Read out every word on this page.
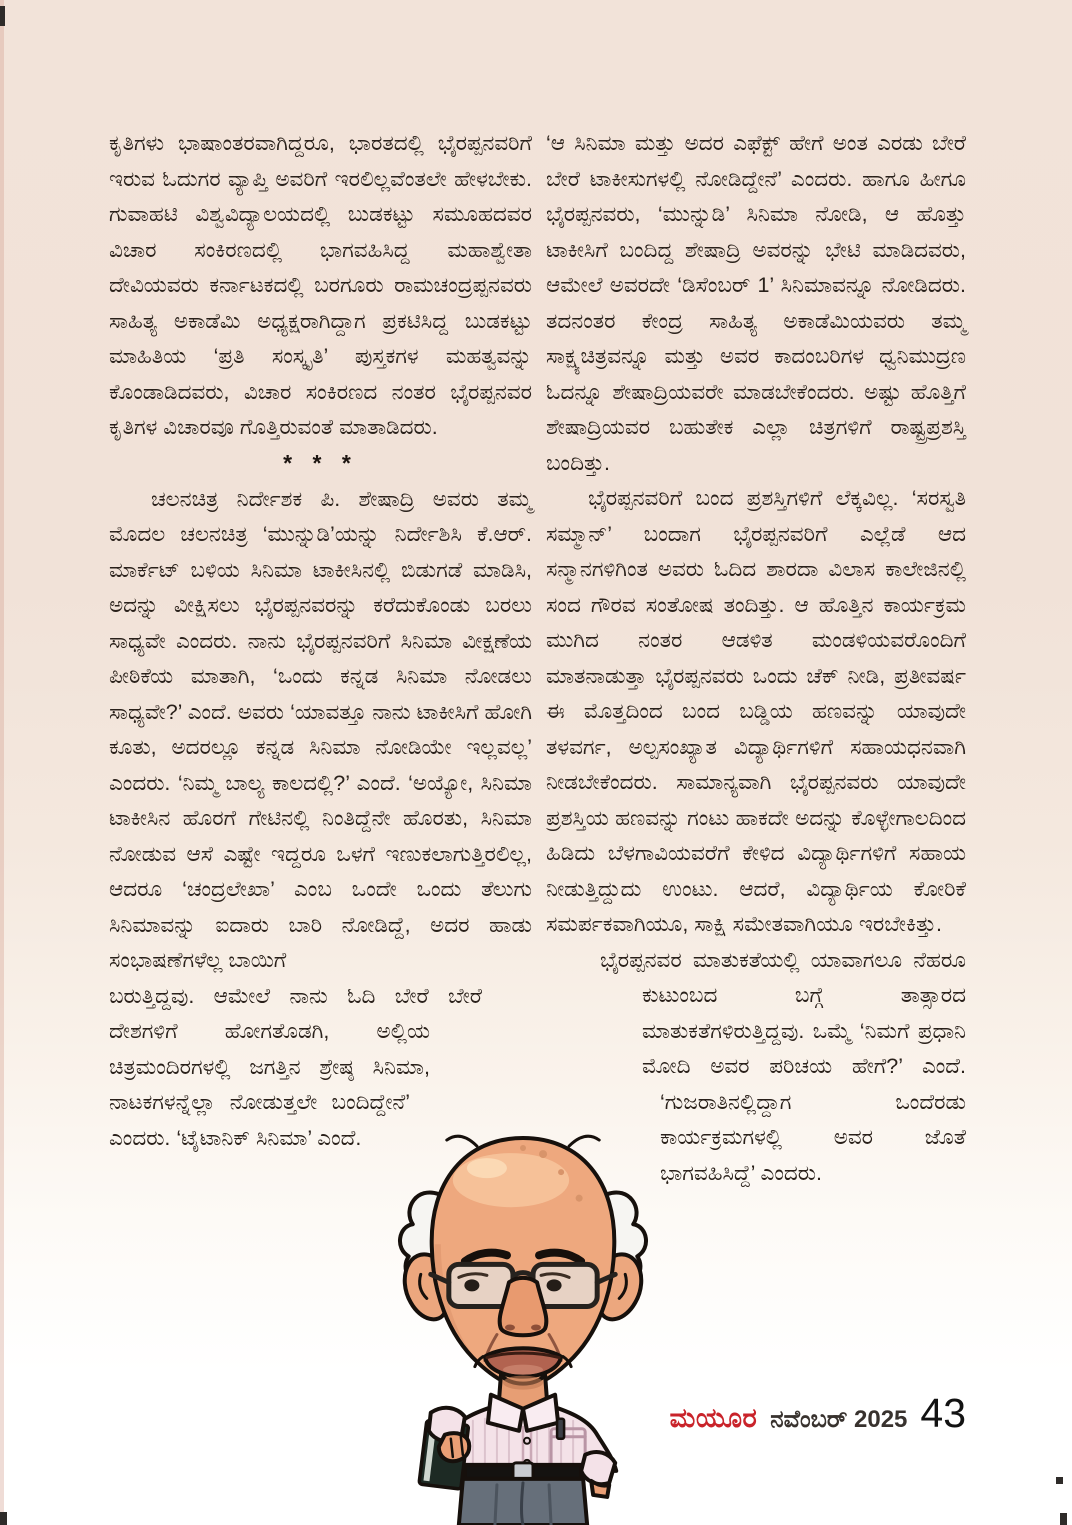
ಕೃತಿಗಳು ಭಾಷಾಂತರವಾಗಿದ್ದರೂ, ಭಾರತದಲ್ಲಿ ಭೈರಪ್ಪನವರಿಗೆ ಇರುವ ಓದುಗರ ವ್ಯಾಪ್ತಿ ಅವರಿಗೆ ಇರಲಿಲ್ಲವೆಂತಲೇ ಹೇಳಬೇಕು. ಗುವಾಹಟಿ ವಿಶ್ವವಿದ್ಯಾಲಯದಲ್ಲಿ ಬುಡಕಟ್ಟು ಸಮೂಹದವರ ವಿಚಾರ ಸಂಕಿರಣದಲ್ಲಿ ಭಾಗವಹಿಸಿದ್ದ ಮಹಾಶ್ವೇತಾ ದೇವಿಯವರು ಕರ್ನಾಟಕದಲ್ಲಿ ಬರಗೂರು ರಾಮಚಂದ್ರಪ್ಪನವರು ಸಾಹಿತ್ಯ ಅಕಾಡೆಮಿ ಅಧ್ಯಕ್ಷರಾಗಿದ್ದಾಗ ಪ್ರಕಟಿಸಿದ್ದ ಬುಡಕಟ್ಟು ಮಾಹಿತಿಯ ‘ಪ್ರತಿ ಸಂಸ್ಕೃತಿ’ ಪುಸ್ತಕಗಳ ಮಹತ್ವವನ್ನು ಕೊಂಡಾಡಿದವರು, ವಿಚಾರ ಸಂಕಿರಣದ ನಂತರ ಭೈರಪ್ಪನವರ ಕೃತಿಗಳ ವಿಚಾರವೂ ಗೊತ್ತಿರುವಂತೆ ಮಾತಾಡಿದರು.

* * *

ಚಲನಚಿತ್ರ ನಿರ್ದೇಶಕ ಪಿ. ಶೇಷಾದ್ರಿ ಅವರು ತಮ್ಮ ಮೊದಲ ಚಲನಚಿತ್ರ ‘ಮುನ್ನುಡಿ’ಯನ್ನು ನಿರ್ದೇಶಿಸಿ ಕೆ.ಆರ್. ಮಾರ್ಕೆಟ್ ಬಳಿಯ ಸಿನಿಮಾ ಟಾಕೀಸಿನಲ್ಲಿ ಬಿಡುಗಡೆ ಮಾಡಿಸಿ, ಅದನ್ನು ವೀಕ್ಷಿಸಲು ಭೈರಪ್ಪನವರನ್ನು ಕರೆದುಕೊಂಡು ಬರಲು ಸಾಧ್ಯವೇ ಎಂದರು. ನಾನು ಭೈರಪ್ಪನವರಿಗೆ ಸಿನಿಮಾ ವೀಕ್ಷಣೆಯ ಪೀಠಿಕೆಯ ಮಾತಾಗಿ, ‘ಒಂದು ಕನ್ನಡ ಸಿನಿಮಾ ನೋಡಲು ಸಾಧ್ಯವೇ?’ ಎಂದೆ. ಅವರು ‘ಯಾವತ್ತೂ ನಾನು ಟಾಕೀಸಿಗೆ ಹೋಗಿ ಕೂತು, ಅದರಲ್ಲೂ ಕನ್ನಡ ಸಿನಿಮಾ ನೋಡಿಯೇ ಇಲ್ಲವಲ್ಲ’ ಎಂದರು. ‘ನಿಮ್ಮ ಬಾಲ್ಯ ಕಾಲದಲ್ಲಿ?’ ಎಂದೆ. ‘ಅಯ್ಯೋ, ಸಿನಿಮಾ ಟಾಕೀಸಿನ ಹೊರಗೆ ಗೇಟಿನಲ್ಲಿ ನಿಂತಿದ್ದೆನೇ ಹೊರತು, ಸಿನಿಮಾ ನೋಡುವ ಆಸೆ ಎಷ್ಟೇ ಇದ್ದರೂ ಒಳಗೆ ಇಣುಕಲಾಗುತ್ತಿರಲಿಲ್ಲ, ಆದರೂ ‘ಚಂದ್ರಲೇಖಾ’ ಎಂಬ ಒಂದೇ ಒಂದು ತೆಲುಗು ಸಿನಿಮಾವನ್ನು ಐದಾರು ಬಾರಿ ನೋಡಿದ್ದೆ, ಅದರ ಹಾಡು ಸಂಭಾಷಣೆಗಳೆಲ್ಲ ಬಾಯಿಗೆ

ಬರುತ್ತಿದ್ದವು. ಆಮೇಲೆ ನಾನು ಓದಿ ಬೇರೆ ಬೇರೆ ದೇಶಗಳಿಗೆ ಹೋಗತೊಡಗಿ, ಅಲ್ಲಿಯ ಚಿತ್ರಮಂದಿರಗಳಲ್ಲಿ ಜಗತ್ತಿನ ಶ್ರೇಷ್ಠ ಸಿನಿಮಾ, ನಾಟಕಗಳನ್ನೆಲ್ಲಾ ನೋಡುತ್ತಲೇ ಬಂದಿದ್ದೇನೆ’ ಎಂದರು. ‘ಟೈಟಾನಿಕ್ ಸಿನಿಮಾ’ ಎಂದೆ.

‘ಆ ಸಿನಿಮಾ ಮತ್ತು ಅದರ ಎಫೆಕ್ಟ್ ಹೇಗೆ ಅಂತ ಎರಡು ಬೇರೆ ಬೇರೆ ಟಾಕೀಸುಗಳಲ್ಲಿ ನೋಡಿದ್ದೇನೆ’ ಎಂದರು. ಹಾಗೂ ಹೀಗೂ ಭೈರಪ್ಪನವರು, ‘ಮುನ್ನುಡಿ’ ಸಿನಿಮಾ ನೋಡಿ, ಆ ಹೊತ್ತು ಟಾಕೀಸಿಗೆ ಬಂದಿದ್ದ ಶೇಷಾದ್ರಿ ಅವರನ್ನು ಭೇಟಿ ಮಾಡಿದವರು, ಆಮೇಲೆ ಅವರದೇ ‘ಡಿಸೆಂಬರ್ 1’ ಸಿನಿಮಾವನ್ನೂ ನೋಡಿದರು. ತದನಂತರ ಕೇಂದ್ರ ಸಾಹಿತ್ಯ ಅಕಾಡೆಮಿಯವರು ತಮ್ಮ ಸಾಕ್ಷ್ಯಚಿತ್ರವನ್ನೂ ಮತ್ತು ಅವರ ಕಾದಂಬರಿಗಳ ಧ್ವನಿಮುದ್ರಣ ಓದನ್ನೂ ಶೇಷಾದ್ರಿಯವರೇ ಮಾಡಬೇಕೆಂದರು. ಅಷ್ಟು ಹೊತ್ತಿಗೆ ಶೇಷಾದ್ರಿಯವರ ಬಹುತೇಕ ಎಲ್ಲಾ ಚಿತ್ರಗಳಿಗೆ ರಾಷ್ಟ್ರಪ್ರಶಸ್ತಿ ಬಂದಿತ್ತು.

ಭೈರಪ್ಪನವರಿಗೆ ಬಂದ ಪ್ರಶಸ್ತಿಗಳಿಗೆ ಲೆಕ್ಕವಿಲ್ಲ. ‘ಸರಸ್ವತಿ ಸಮ್ಮಾನ್’ ಬಂದಾಗ ಭೈರಪ್ಪನವರಿಗೆ ಎಲ್ಲೆಡೆ ಆದ ಸನ್ಮಾನಗಳಿಗಿಂತ ಅವರು ಓದಿದ ಶಾರದಾ ವಿಲಾಸ ಕಾಲೇಜಿನಲ್ಲಿ ಸಂದ ಗೌರವ ಸಂತೋಷ ತಂದಿತ್ತು. ಆ ಹೊತ್ತಿನ ಕಾರ್ಯಕ್ರಮ ಮುಗಿದ ನಂತರ ಆಡಳಿತ ಮಂಡಳಿಯವರೊಂದಿಗೆ ಮಾತನಾಡುತ್ತಾ ಭೈರಪ್ಪನವರು ಒಂದು ಚೆಕ್ ನೀಡಿ, ಪ್ರತೀವರ್ಷ ಈ ಮೊತ್ತದಿಂದ ಬಂದ ಬಡ್ಡಿಯ ಹಣವನ್ನು ಯಾವುದೇ ತಳವರ್ಗ, ಅಲ್ಪಸಂಖ್ಯಾತ ವಿದ್ಯಾರ್ಥಿಗಳಿಗೆ ಸಹಾಯಧನವಾಗಿ ನೀಡಬೇಕೆಂದರು. ಸಾಮಾನ್ಯವಾಗಿ ಭೈರಪ್ಪನವರು ಯಾವುದೇ ಪ್ರಶಸ್ತಿಯ ಹಣವನ್ನು ಗಂಟು ಹಾಕದೇ ಅದನ್ನು ಕೊಳ್ಳೇಗಾಲದಿಂದ ಹಿಡಿದು ಬೆಳಗಾವಿಯವರೆಗೆ ಕೇಳಿದ ವಿದ್ಯಾರ್ಥಿಗಳಿಗೆ ಸಹಾಯ ನೀಡುತ್ತಿದ್ದುದು ಉಂಟು. ಆದರೆ, ವಿದ್ಯಾರ್ಥಿಯ ಕೋರಿಕೆ ಸಮರ್ಪಕವಾಗಿಯೂ, ಸಾಕ್ಷಿ ಸಮೇತವಾಗಿಯೂ ಇರಬೇಕಿತ್ತು.

ಭೈರಪ್ಪನವರ ಮಾತುಕತೆಯಲ್ಲಿ ಯಾವಾಗಲೂ ನೆಹರೂ ಕುಟುಂಬದ ಬಗ್ಗೆ ತಾತ್ಸಾರದ ಮಾತುಕತೆಗಳಿರುತ್ತಿದ್ದವು. ಒಮ್ಮೆ ‘ನಿಮಗೆ ಪ್ರಧಾನಿ ಮೋದಿ ಅವರ ಪರಿಚಯ ಹೇಗೆ?’ ಎಂದೆ. ‘ಗುಜರಾತಿನಲ್ಲಿದ್ದಾಗ ಒಂದೆರಡು ಕಾರ್ಯಕ್ರಮಗಳಲ್ಲಿ ಅವರ ಜೊತೆ ಭಾಗವಹಿಸಿದ್ದೆ’ ಎಂದರು.

ಮಯೂರ ನವೆಂಬರ್ 2025 43
